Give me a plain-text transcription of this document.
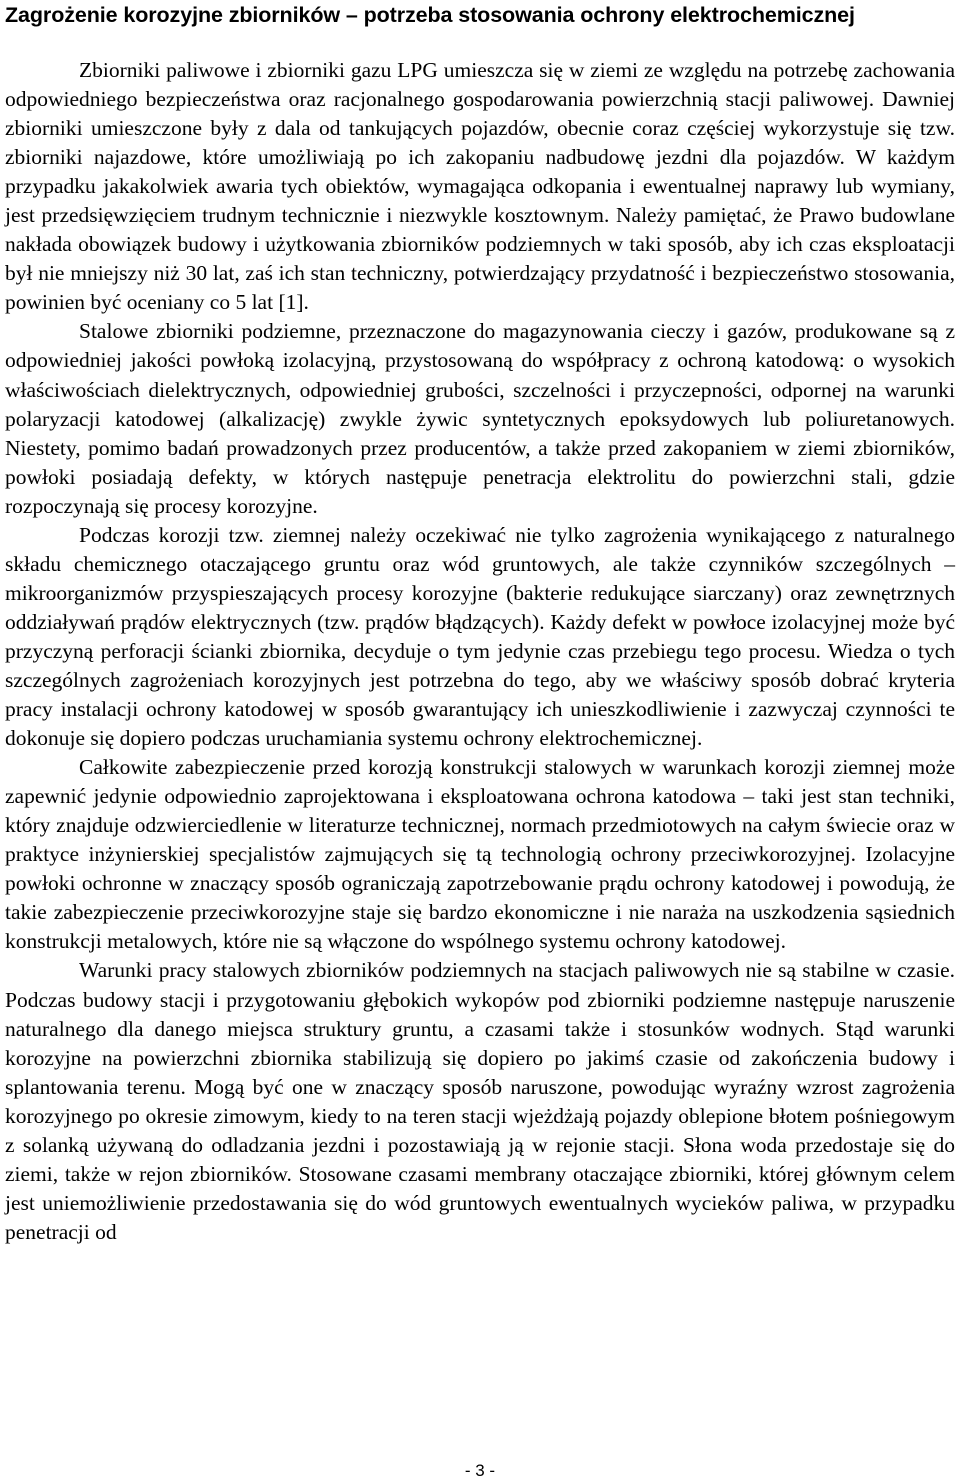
Zagrożenie korozyjne zbiorników – potrzeba stosowania ochrony elektrochemicznej

Zbiorniki paliwowe i zbiorniki gazu LPG umieszcza się w ziemi ze względu na potrzebę zachowania odpowiedniego bezpieczeństwa oraz racjonalnego gospodarowania powierzchnią stacji paliwowej. Dawniej zbiorniki umieszczone były z dala od tankujących pojazdów, obecnie coraz częściej wykorzystuje się tzw. zbiorniki najazdowe, które umożliwiają po ich zakopaniu nadbudowę jezdni dla pojazdów. W każdym przypadku jakakolwiek awaria tych obiektów, wymagająca odkopania i ewentualnej naprawy lub wymiany, jest przedsięwzięciem trudnym technicznie i niezwykle kosztownym. Należy pamiętać, że Prawo budowlane nakłada obowiązek budowy i użytkowania zbiorników podziemnych w taki sposób, aby ich czas eksploatacji był nie mniejszy niż 30 lat, zaś ich stan techniczny, potwierdzający przydatność i bezpieczeństwo stosowania, powinien być oceniany co 5 lat [1].

Stalowe zbiorniki podziemne, przeznaczone do magazynowania cieczy i gazów, produkowane są z odpowiedniej jakości powłoką izolacyjną, przystosowaną do współpracy z ochroną katodową: o wysokich właściwościach dielektrycznych, odpowiedniej grubości, szczelności i przyczepności, odpornej na warunki polaryzacji katodowej (alkalizację) zwykle żywic syntetycznych epoksydowych lub poliuretanowych. Niestety, pomimo badań prowadzonych przez producentów, a także przed zakopaniem w ziemi zbiorników, powłoki posiadają defekty, w których następuje penetracja elektrolitu do powierzchni stali, gdzie rozpoczynają się procesy korozyjne.

Podczas korozji tzw. ziemnej należy oczekiwać nie tylko zagrożenia wynikającego z naturalnego składu chemicznego otaczającego gruntu oraz wód gruntowych, ale także czynników szczególnych – mikroorganizmów przyspieszających procesy korozyjne (bakterie redukujące siarczany) oraz zewnętrznych oddziaływań prądów elektrycznych (tzw. prądów błądzących). Każdy defekt w powłoce izolacyjnej może być przyczyną perforacji ścianki zbiornika, decyduje o tym jedynie czas przebiegu tego procesu. Wiedza o tych szczególnych zagrożeniach korozyjnych jest potrzebna do tego, aby we właściwy sposób dobrać kryteria pracy instalacji ochrony katodowej w sposób gwarantujący ich unieszkodliwienie i zazwyczaj czynności te dokonuje się dopiero podczas uruchamiania systemu ochrony elektrochemicznej.

Całkowite zabezpieczenie przed korozją konstrukcji stalowych w warunkach korozji ziemnej może zapewnić jedynie odpowiednio zaprojektowana i eksploatowana ochrona katodowa – taki jest stan techniki, który znajduje odzwierciedlenie w literaturze technicznej, normach przedmiotowych na całym świecie oraz w praktyce inżynierskiej specjalistów zajmujących się tą technologią ochrony przeciwkorozyjnej. Izolacyjne powłoki ochronne w znaczący sposób ograniczają zapotrzebowanie prądu ochrony katodowej i powodują, że takie zabezpieczenie przeciwkorozyjne staje się bardzo ekonomiczne i nie naraża na uszkodzenia sąsiednich konstrukcji metalowych, które nie są włączone do wspólnego systemu ochrony katodowej.

Warunki pracy stalowych zbiorników podziemnych na stacjach paliwowych nie są stabilne w czasie. Podczas budowy stacji i przygotowaniu głębokich wykopów pod zbiorniki podziemne następuje naruszenie naturalnego dla danego miejsca struktury gruntu, a czasami także i stosunków wodnych. Stąd warunki korozyjne na powierzchni zbiornika stabilizują się dopiero po jakimś czasie od zakończenia budowy i splantowania terenu. Mogą być one w znaczący sposób naruszone, powodując wyraźny wzrost zagrożenia korozyjnego po okresie zimowym, kiedy to na teren stacji wjeżdżają pojazdy oblepione błotem pośniegowym z solanką używaną do odladzania jezdni i pozostawiają ją w rejonie stacji. Słona woda przedostaje się do ziemi, także w rejon zbiorników. Stosowane czasami membrany otaczające zbiorniki, której głównym celem jest uniemożliwienie przedostawania się do wód gruntowych ewentualnych wycieków paliwa, w przypadku penetracji od

- 3 -
